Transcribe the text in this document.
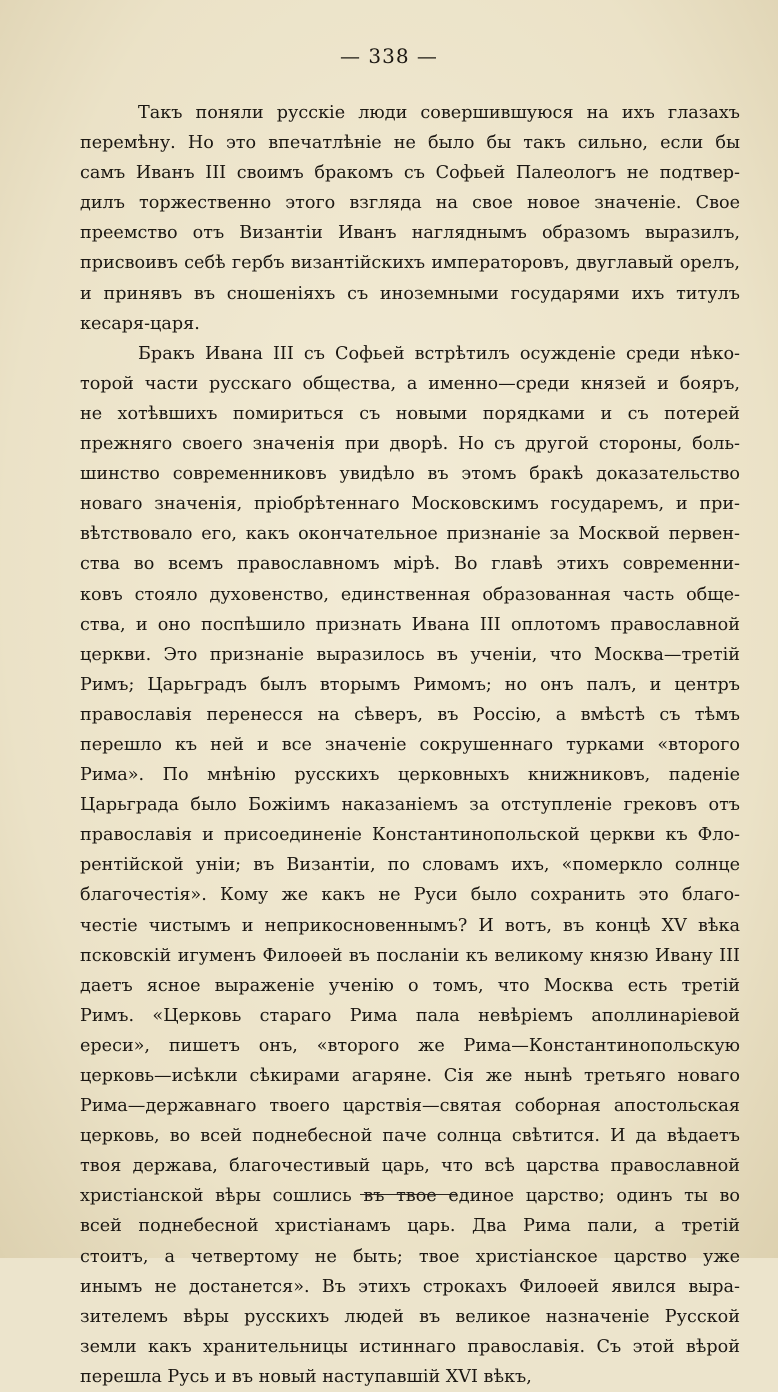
— 338 —
Такъ поняли русскіе люди совершившуюся на ихъ глазахъ
перемѣну. Но это впечатлѣніе не было бы такъ сильно, если бы
самъ Иванъ III своимъ бракомъ съ Софьей Палеологъ не подтвер-
дилъ торжественно этого взгляда на свое новое значеніе. Свое
преемство отъ Византіи Иванъ нагляднымъ образомъ выразилъ,
присвоивъ себѣ гербъ византійскихъ императоровъ, двуглавый орелъ,
и принявъ въ сношеніяхъ съ иноземными государями ихъ титулъ
кесаря-царя.
Бракъ Ивана III съ Софьей встрѣтилъ осужденіе среди нѣко-
торой части русскаго общества, а именно—среди князей и бояръ,
не хотѣвшихъ помириться съ новыми порядками и съ потерей
прежняго своего значенія при дворѣ. Но съ другой стороны, боль-
шинство современниковъ увидѣло въ этомъ бракѣ доказательство
новаго значенія, пріобрѣтеннаго Московскимъ государемъ, и при-
вѣтствовало его, какъ окончательное признаніе за Москвой первен-
ства во всемъ православномъ мірѣ. Во главѣ этихъ современни-
ковъ стояло духовенство, единственная образованная часть обще-
ства, и оно поспѣшило признать Ивана III оплотомъ православной
церкви. Это признаніе выразилось въ ученіи, что Москва—третій
Римъ; Царьградъ былъ вторымъ Римомъ; но онъ палъ, и центръ
православія перенесся на сѣверъ, въ Россію, а вмѣстѣ съ тѣмъ
перешло къ ней и все значеніе сокрушеннаго турками «второго
Рима». По мнѣнію русскихъ церковныхъ книжниковъ, паденіе
Царьграда было Божіимъ наказаніемъ за отступленіе грековъ отъ
православія и присоединеніе Константинопольской церкви къ Фло-
рентійской уніи; въ Византіи, по словамъ ихъ, «померкло солнце
благочестія». Кому же какъ не Руси было сохранить это благо-
честіе чистымъ и неприкосновеннымъ? И вотъ, въ концѣ XV вѣка
псковскій игуменъ Филоѳей въ посланіи къ великому князю Ивану III
даетъ ясное выраженіе ученію о томъ, что Москва есть третій
Римъ. «Церковь стараго Рима пала невѣріемъ аполлинаріевой
ереси», пишетъ онъ, «второго же Рима—Константинопольскую
церковь—исѣкли сѣкирами агаряне. Сія же нынѣ третьяго новаго
Рима—державнаго твоего царствія—святая соборная апостольская
церковь, во всей поднебесной паче солнца свѣтится. И да вѣдаетъ
твоя держава, благочестивый царь, что всѣ царства православной
христіанской вѣры сошлись въ твое единое царство; одинъ ты во
всей поднебесной христіанамъ царь. Два Рима пали, а третій
стоитъ, а четвертому не быть; твое христіанское царство уже
инымъ не достанется». Въ этихъ строкахъ Филоѳей явился выра-
зителемъ вѣры русскихъ людей въ великое назначеніе Русской
земли какъ хранительницы истиннаго православія. Съ этой вѣрой
перешла Русь и въ новый наступавшій XVI вѣкъ,
